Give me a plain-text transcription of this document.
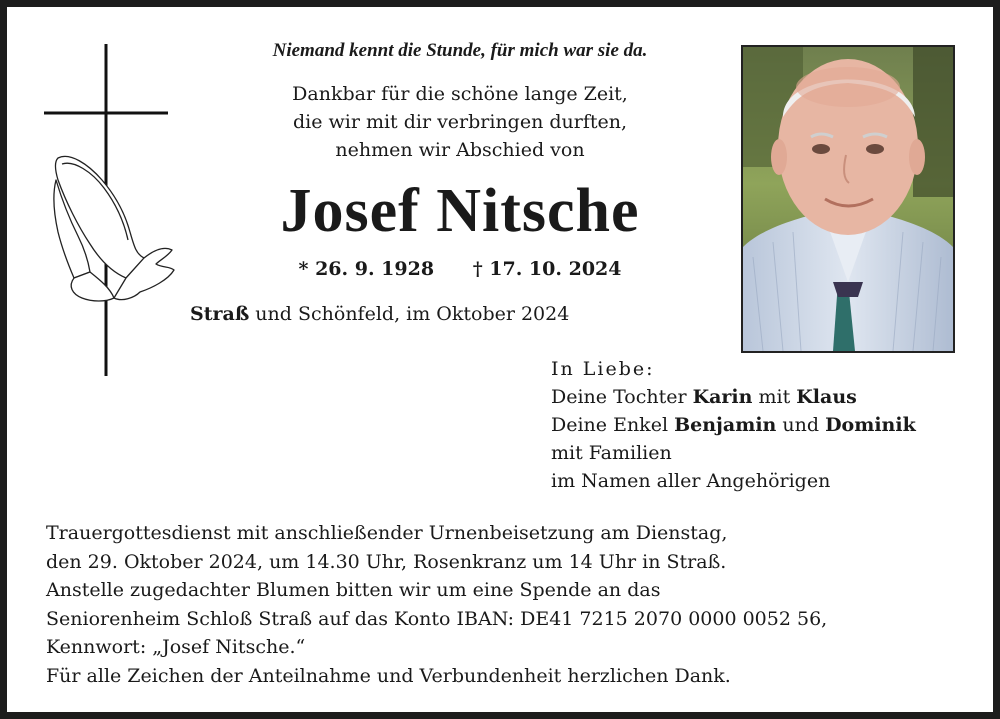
Niemand kennt die Stunde, für mich war sie da.
Dankbar für die schöne lange Zeit,
die wir mit dir verbringen durften,
nehmen wir Abschied von
Josef Nitsche
* 26. 9. 1928 † 17. 10. 2024
Straß und Schönfeld, im Oktober 2024
In Liebe:
Deine Tochter Karin mit Klaus
Deine Enkel Benjamin und Dominik
mit Familien
im Namen aller Angehörigen
Trauergottesdienst mit anschließender Urnenbeisetzung am Dienstag,
den 29. Oktober 2024, um 14.30 Uhr, Rosenkranz um 14 Uhr in Straß.
Anstelle zugedachter Blumen bitten wir um eine Spende an das
Seniorenheim Schloß Straß auf das Konto IBAN: DE41 7215 2070 0000 0052 56,
Kennwort: „Josef Nitsche.“
Für alle Zeichen der Anteilnahme und Verbundenheit herzlichen Dank.
